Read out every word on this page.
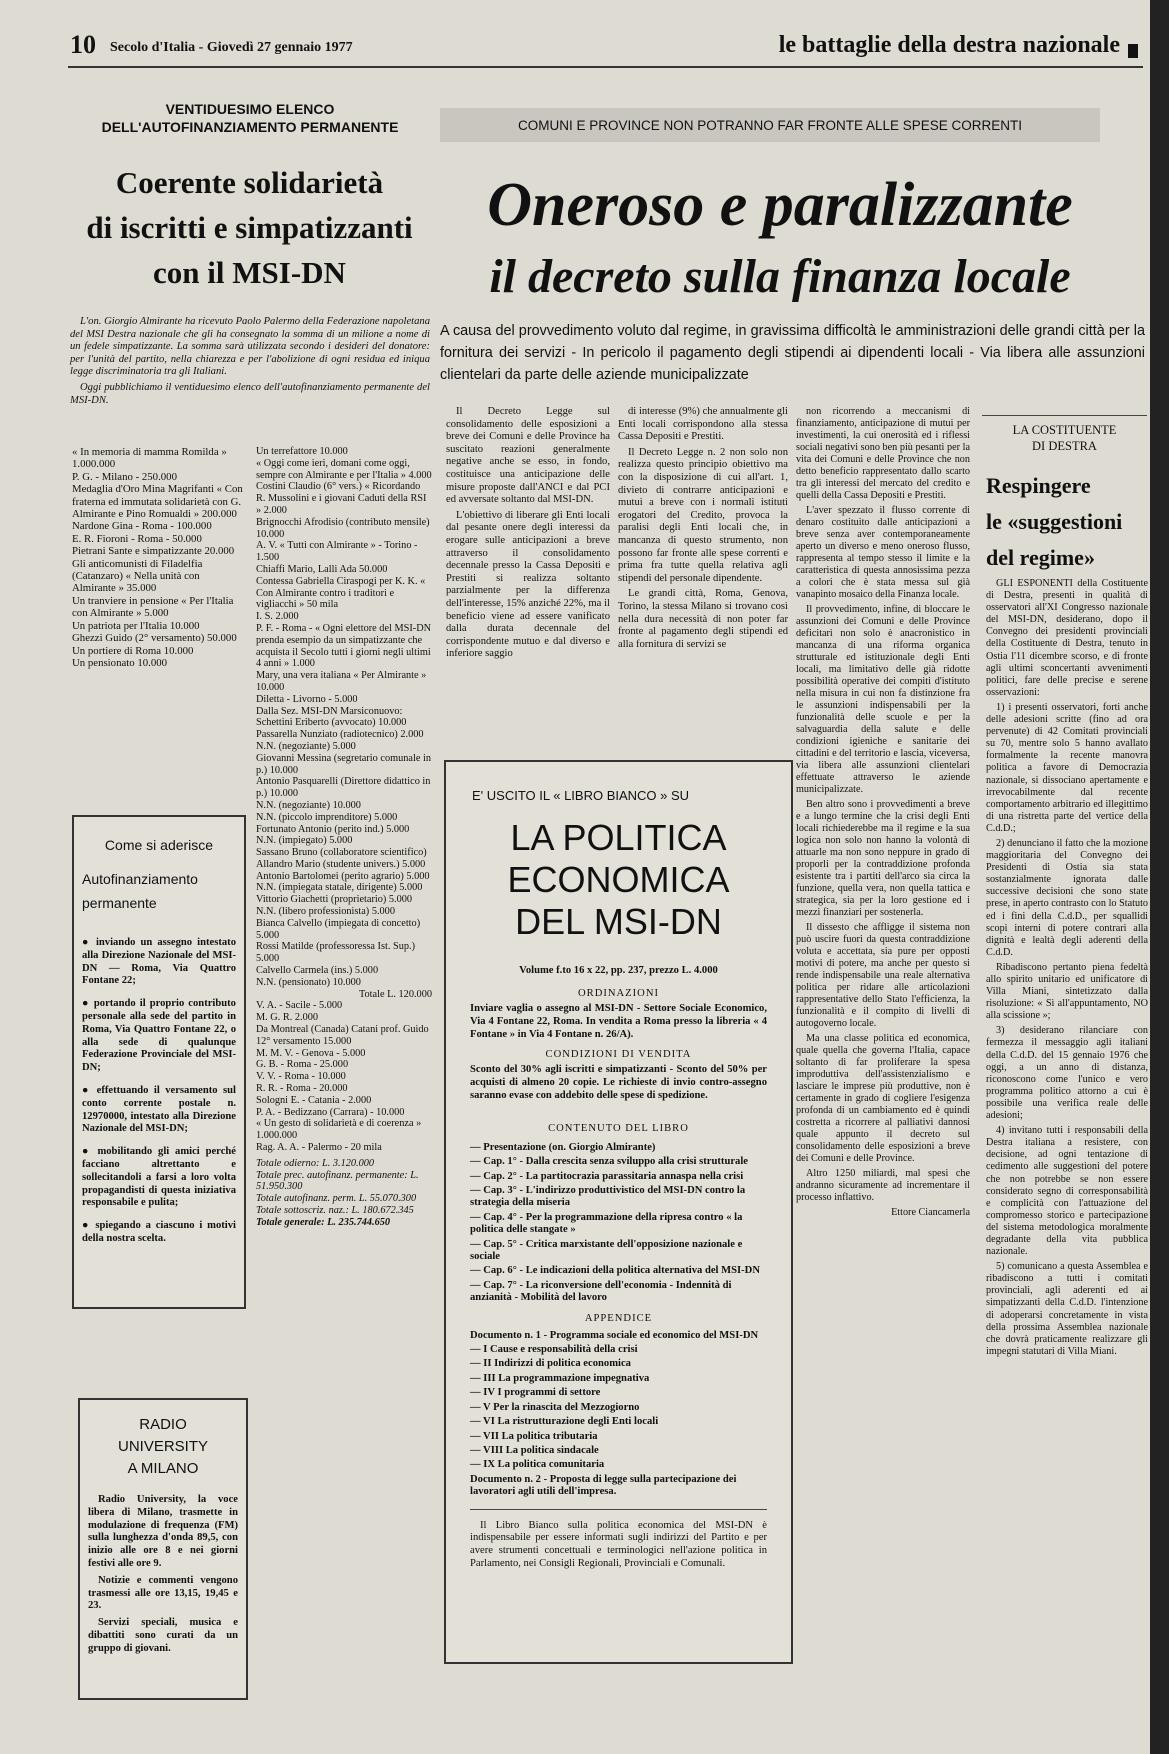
10 Secolo d'Italia - Giovedì 27 gennaio 1977	le battaglie della destra nazionale
VENTIDUESIMO ELENCO
DELL'AUTOFINANZIAMENTO PERMANENTE
Coerente solidarietà
di iscritti e simpatizzanti
con il MSI-DN

L'on. Giorgio Almirante ha ricevuto Paolo Palermo della Federazione napoletana del MSI Destra nazionale che gli ha consegnato la somma di un milione a nome di un fedele simpatizzante. La somma sarà utilizzata secondo i desideri del donatore: per l'unità del partito, nella chiarezza e per l'abolizione di ogni residua ed iniqua legge discriminatoria tra gli Italiani.

Oggi pubblichiamo il ventiduesimo elenco dell'autofinanziamento permanente del MSI-DN.

« In memoria di mamma Romilda » 1.000.000
P. G. - Milano - 250.000
Medaglia d'Oro Mina Magrifanti « Con fraterna ed immutata solidarietà con G. Almirante e Pino Romualdi » 200.000
Nardone Gina - Roma - 100.000
E. R. Fioroni - Roma - 50.000
Pietrani Sante e simpatizzante 20.000
Gli anticomunisti di Filadelfia (Catanzaro) « Nella unità con Almirante » 35.000
Un tranviere in pensione « Per l'Italia con Almirante » 5.000
Un patriota per l'Italia 10.000
Ghezzi Guido (2° versamento) 50.000
Un portiere di Roma 10.000
Un pensionato 10.000
Un terrefattore 10.000
« Oggi come ieri, domani come oggi, sempre con Almirante e per l'Italia » 4.000
Costini Claudio (6° vers.) « Ricordando R. Mussolini e i giovani Caduti della RSI » 2.000
Brignocchi Afrodisio (contributo mensile) 10.000
A. V. « Tutti con Almirante » - Torino - 1.500
Chiaffi Mario, Lalli Ada 50.000
Contessa Gabriella Ciraspogi per K. K. « Con Almirante contro i traditori e vigliacchi » 50 mila
I. S. 2.000
P. F. - Roma - « Ogni elettore del MSI-DN prenda esempio da un simpatizzante che acquista il Secolo tutti i giorni negli ultimi 4 anni » 1.000
Mary, una vera italiana « Per Almirante » 10.000
Diletta - Livorno - 5.000
Dalla Sez. MSI-DN Marsiconuovo:
Schettini Eriberto (avvocato) 10.000
Passarella Nunziato (radiotecnico) 2.000
N.N. (negoziante) 5.000
Giovanni Messina (segretario comunale in p.) 10.000
Antonio Pasquarelli (Direttore didattico in p.) 10.000
N.N. (negoziante) 10.000
N.N. (piccolo imprenditore) 5.000
Fortunato Antonio (perito ind.) 5.000
N.N. (impiegato) 5.000
Sassano Bruno (collaboratore scientifico)
Allandro Mario (studente univers.) 5.000
Antonio Bartolomei (perito agrario) 5.000
N.N. (impiegata statale, dirigente) 5.000
Vittorio Giachetti (proprietario) 5.000
N.N. (libero professionista) 5.000
Bianca Calvello (impiegata di concetto) 5.000
Rossi Matilde (professoressa Ist. Sup.) 5.000
Calvello Carmela (ins.) 5.000
N.N. (pensionato) 10.000
Totale L. 120.000
V. A. - Sacile - 5.000
M. G. R. 2.000
Da Montreal (Canada) Catani prof. Guido 12° versamento 15.000
M. M. V. - Genova - 5.000
G. B. - Roma - 25.000
V. V. - Roma - 10.000
R. R. - Roma - 20.000
Sologni E. - Catania - 2.000
P. A. - Bedizzano (Carrara) - 10.000
« Un gesto di solidarietà e di coerenza » 1.000.000
Rag. A. A. - Palermo - 20 mila
Totale odierno: L. 3.120.000
Totale prec. autofinanz. permanente: L. 51.950.300
Totale autofinanz. perm. L. 55.070.300
Totale sottoscriz. naz.: L. 180.672.345
Totale generale: L. 235.744.650
Come si aderisce
Autofinanziamento
permanente
● inviando un assegno intestato alla Direzione Nazionale del MSI-DN — Roma, Via Quattro Fontane 22;
● portando il proprio contributo personale alla sede del partito in Roma, Via Quattro Fontane 22, o alla sede di qualunque Federazione Provinciale del MSI-DN;
● effettuando il versamento sul conto corrente postale n. 12970000, intestato alla Direzione Nazionale del MSI-DN;
● mobilitando gli amici perché facciano altrettanto e sollecitandoli a farsi a loro volta propagandisti di questa iniziativa responsabile e pulita;
● spiegando a ciascuno i motivi della nostra scelta.
RADIO
UNIVERSITY
A MILANO
Radio University, la voce libera di Milano, trasmette in modulazione di frequenza (FM) sulla lunghezza d'onda 89,5, con inizio alle ore 8 e nei giorni festivi alle ore 9.
Notizie e commenti vengono trasmessi alle ore 13,15, 19,45 e 23.
Servizi speciali, musica e dibattiti sono curati da un gruppo di giovani.
COMUNI E PROVINCE NON POTRANNO FAR FRONTE ALLE SPESE CORRENTI
Oneroso e paralizzante
il decreto sulla finanza locale
A causa del provvedimento voluto dal regime, in gravissima difficoltà le amministrazioni delle grandi città per la fornitura dei servizi - In pericolo il pagamento degli stipendi ai dipendenti locali - Via libera alle assunzioni clientelari da parte delle aziende municipalizzate

Il Decreto Legge sul consolidamento delle esposizioni a breve dei Comuni e delle Province ha suscitato reazioni generalmente negative anche se esso, in fondo, costituisce una anticipazione delle misure proposte dall'ANCI e dal PCI ed avversate soltanto dal MSI-DN.

L'obiettivo di liberare gli Enti locali dal pesante onere degli interessi da erogare sulle anticipazioni a breve attraverso il consolidamento decennale presso la Cassa Depositi e Prestiti si realizza soltanto parzialmente per la differenza dell'interesse, 15% anziché 22%, ma il beneficio viene ad essere vanificato dalla durata decennale del corrispondente mutuo e dal diverso e inferiore saggio

di interesse (9%) che annualmente gli Enti locali corrispondono alla stessa Cassa Depositi e Prestiti.

Il Decreto Legge n. 2 non solo non realizza questo principio obiettivo ma con la disposizione di cui all'art. 1, divieto di contrarre anticipazioni e mutui a breve con i normali istituti erogatori del Credito, provoca la paralisi degli Enti locali che, in mancanza di questo strumento, non possono far fronte alle spese correnti e prima fra tutte quella relativa agli stipendi del personale dipendente.

Le grandi città, Roma, Genova, Torino, la stessa Milano si trovano così nella dura necessità di non poter far fronte al pagamento degli stipendi ed alla fornitura di servizi se

non ricorrendo a meccanismi di finanziamento, anticipazione di mutui per investimenti, la cui onerosità ed i riflessi sociali negativi sono ben più pesanti per la vita dei Comuni e delle Province che non detto beneficio rappresentato dallo scarto tra gli interessi del mercato del credito e quelli della Cassa Depositi e Prestiti.

L'aver spezzato il flusso corrente di denaro costituito dalle anticipazioni a breve senza aver contemporaneamente aperto un diverso e meno oneroso flusso, rappresenta al tempo stesso il limite e la caratteristica di questa annosissima pezza a colori che è stata messa sul già vanapinto mosaico della Finanza locale.

Il provvedimento, infine, di bloccare le assunzioni dei Comuni e delle Province deficitari non solo è anacronistico in mancanza di una riforma organica strutturale ed istituzionale degli Enti locali, ma limitativo delle già ridotte possibilità operative dei compiti d'istituto nella misura in cui non fa distinzione fra le assunzioni indispensabili per la funzionalità delle scuole e per la salvaguardia della salute e delle condizioni igieniche e sanitarie dei cittadini e del territorio e lascia, viceversa, via libera alle assunzioni clientelari effettuate attraverso le aziende municipalizzate.

Ben altro sono i provvedimenti a breve e a lungo termine che la crisi degli Enti locali richiederebbe ma il regime e la sua logica non solo non hanno la volontà di attuarle ma non sono neppure in grado di proporli per la contraddizione profonda esistente tra i partiti dell'arco sia circa la funzione, quella vera, non quella tattica e strategica, sia per la loro gestione ed i mezzi finanziari per sostenerla.

Il dissesto che affligge il sistema non può uscire fuori da questa contraddizione voluta e accettata, sia pure per opposti motivi di potere, ma anche per questo si rende indispensabile una reale alternativa politica per ridare alle articolazioni rappresentative dello Stato l'efficienza, la funzionalità e il compito di livelli di autogoverno locale.

Ma una classe politica ed economica, quale quella che governa l'Italia, capace soltanto di far proliferare la spesa improduttiva dell'assistenzialismo e lasciare le imprese più produttive, non è certamente in grado di cogliere l'esigenza profonda di un cambiamento ed è quindi costretta a ricorrere al palliativi dannosi quale appunto il decreto sul consolidamento delle esposizioni a breve dei Comuni e delle Province.

Altro 1250 miliardi, mal spesi che andranno sicuramente ad incrementare il processo inflattivo.

Ettore Ciancamerla

E' USCITO IL « LIBRO BIANCO » SU
LA POLITICA
ECONOMICA
DEL MSI-DN
Volume f.to 16 x 22, pp. 237, prezzo L. 4.000
ORDINAZIONI
Inviare vaglia o assegno al MSI-DN - Settore Sociale Economico, Via 4 Fontane 22, Roma. In vendita a Roma presso la libreria « 4 Fontane » in Via 4 Fontane n. 26/A).
CONDIZIONI DI VENDITA
Sconto del 30% agli iscritti e simpatizzanti - Sconto del 50% per acquisti di almeno 20 copie. Le richieste di invio contro-assegno saranno evase con addebito delle spese di spedizione.
CONTENUTO DEL LIBRO
— Presentazione (on. Giorgio Almirante)
— Cap. 1° - Dalla crescita senza sviluppo alla crisi strutturale
— Cap. 2° - La partitocrazia parassitaria annaspa nella crisi
— Cap. 3° - L'indirizzo produttivistico del MSI-DN contro la strategia della miseria
— Cap. 4° - Per la programmazione della ripresa contro « la politica delle stangate »
— Cap. 5° - Critica marxistante dell'opposizione nazionale e sociale
— Cap. 6° - Le indicazioni della politica alternativa del MSI-DN
— Cap. 7° - La riconversione dell'economia - Indennità di anzianità - Mobilità del lavoro
APPENDICE
Documento n. 1 - Programma sociale ed economico del MSI-DN
— I Cause e responsabilità della crisi
— II Indirizzi di politica economica
— III La programmazione impegnativa
— IV I programmi di settore
— V Per la rinascita del Mezzogiorno
— VI La ristrutturazione degli Enti locali
— VII La politica tributaria
— VIII La politica sindacale
— IX La politica comunitaria
Documento n. 2 - Proposta di legge sulla partecipazione dei lavoratori agli utili dell'impresa.
Il Libro Bianco sulla politica economica del MSI-DN è indispensabile per essere informati sugli indirizzi del Partito e per avere strumenti concettuali e terminologici nell'azione politica in Parlamento, nei Consigli Regionali, Provinciali e Comunali.
LA COSTITUENTE
DI DESTRA
Respingere
le «suggestioni
del regime»

GLI ESPONENTI della Costituente di Destra, presenti in qualità di osservatori all'XI Congresso nazionale del MSI-DN, desiderano, dopo il Convegno dei presidenti provinciali della Costituente di Destra, tenuto in Ostia l'11 dicembre scorso, e di fronte agli ultimi sconcertanti avvenimenti politici, fare delle precise e serene osservazioni:

1) i presenti osservatori, forti anche delle adesioni scritte (fino ad ora pervenute) di 42 Comitati provinciali su 70, mentre solo 5 hanno avallato formalmente la recente manovra politica a favore di Democrazia nazionale, si dissociano apertamente e irrevocabilmente dal recente comportamento arbitrario ed illegittimo di una ristretta parte del vertice della C.d.D.;

2) denunciano il fatto che la mozione maggioritaria del Convegno dei Presidenti di Ostia sia stata sostanzialmente ignorata dalle successive decisioni che sono state prese, in aperto contrasto con lo Statuto ed i fini della C.d.D., per squallidi scopi interni di potere contrari alla dignità e lealtà degli aderenti della C.d.D.

Ribadiscono pertanto piena fedeltà allo spirito unitario ed unificatore di Villa Miani, sintetizzato dalla risoluzione: « Sì all'appuntamento, NO alla scissione »;

3) desiderano rilanciare con fermezza il messaggio agli italiani della C.d.D. del 15 gennaio 1976 che oggi, a un anno di distanza, riconoscono come l'unico e vero programma politico attorno a cui è possibile una verifica reale delle adesioni;

4) invitano tutti i responsabili della Destra italiana a resistere, con decisione, ad ogni tentazione di cedimento alle suggestioni del potere che non potrebbe se non essere considerato segno di corresponsabilità e complicità con l'attuazione del compromesso storico e partecipazione del sistema metodologica moralmente degradante della vita pubblica nazionale.

5) comunicano a questa Assemblea e ribadiscono a tutti i comitati provinciali, agli aderenti ed ai simpatizzanti della C.d.D. l'intenzione di adoperarsi concretamente in vista della prossima Assemblea nazionale che dovrà praticamente realizzare gli impegni statutari di Villa Miani.
